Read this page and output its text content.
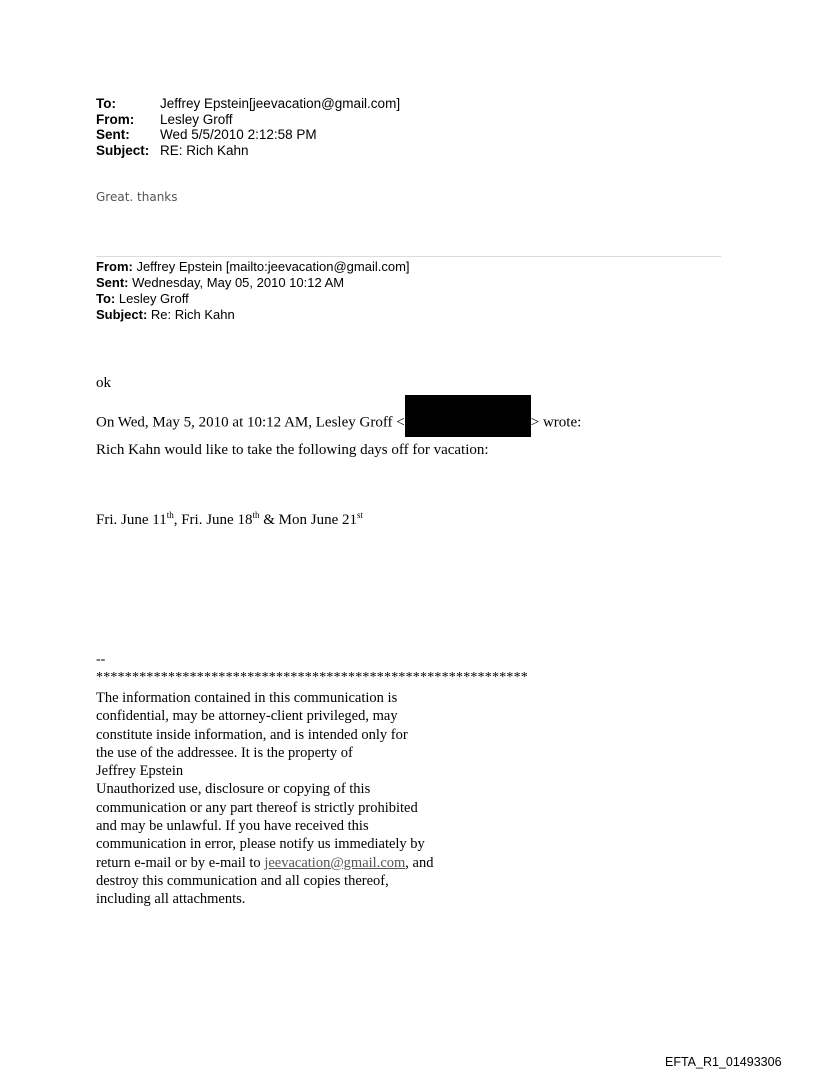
To:	Jeffrey Epstein[jeevacation@gmail.com]
From:	Lesley Groff
Sent:	Wed 5/5/2010 2:12:58 PM
Subject: RE: Rich Kahn
Great. thanks
From: Jeffrey Epstein [mailto:jeevacation@gmail.com]
Sent: Wednesday, May 05, 2010 10:12 AM
To: Lesley Groff
Subject: Re: Rich Kahn
ok
On Wed, May 5, 2010 at 10:12 AM, Lesley Groff <	> wrote:
Rich Kahn would like to take the following days off for vacation:
Fri. June 11th, Fri. June 18th & Mon June 21st
--
************************************************************
The information contained in this communication is
confidential, may be attorney-client privileged, may
constitute inside information, and is intended only for
the use of the addressee. It is the property of
Jeffrey Epstein
Unauthorized use, disclosure or copying of this
communication or any part thereof is strictly prohibited
and may be unlawful. If you have received this
communication in error, please notify us immediately by
return e-mail or by e-mail to jeevacation@gmail.com, and
destroy this communication and all copies thereof,
including all attachments.
EFTA_R1_01493306
